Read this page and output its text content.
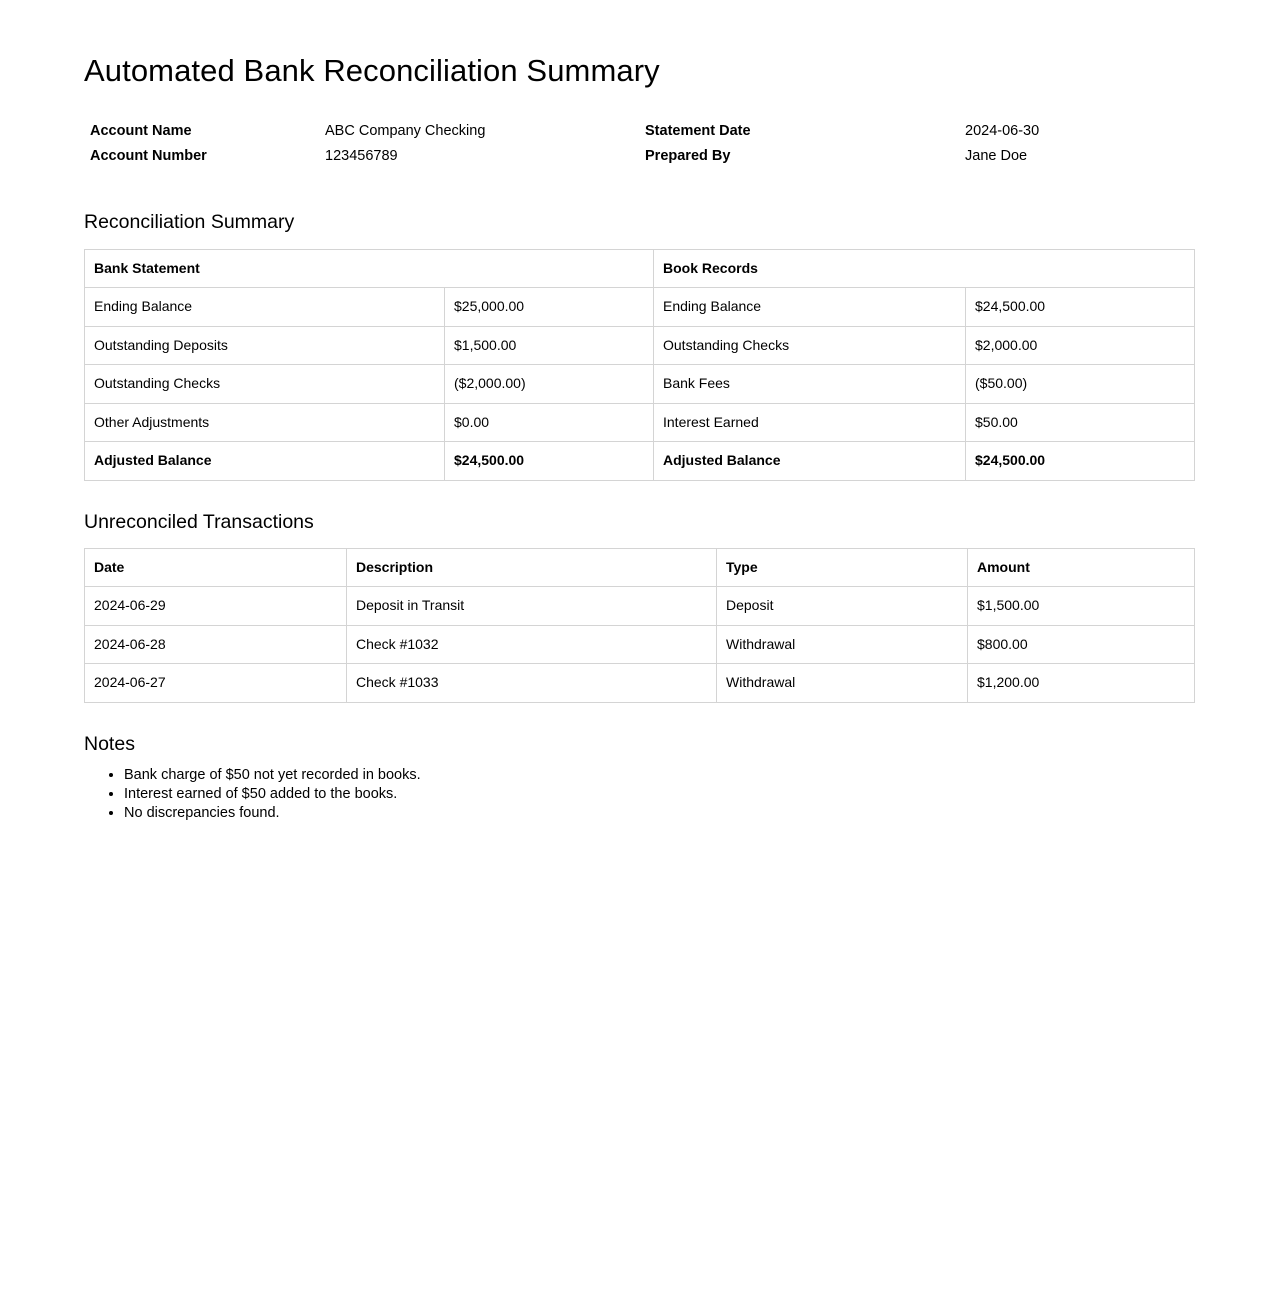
Automated Bank Reconciliation Summary
Account Name	ABC Company Checking	Statement Date	2024-06-30
Account Number	123456789	Prepared By	Jane Doe
Reconciliation Summary
Bank Statement		Book Records	
Ending Balance	$25,000.00	Ending Balance	$24,500.00
Outstanding Deposits	$1,500.00	Outstanding Checks	$2,000.00
Outstanding Checks	($2,000.00)	Bank Fees	($50.00)
Other Adjustments	$0.00	Interest Earned	$50.00
Adjusted Balance	$24,500.00	Adjusted Balance	$24,500.00
Unreconciled Transactions
Date	Description	Type	Amount
2024-06-29	Deposit in Transit	Deposit	$1,500.00
2024-06-28	Check #1032	Withdrawal	$800.00
2024-06-27	Check #1033	Withdrawal	$1,200.00
Notes
• Bank charge of $50 not yet recorded in books.
• Interest earned of $50 added to the books.
• No discrepancies found.
